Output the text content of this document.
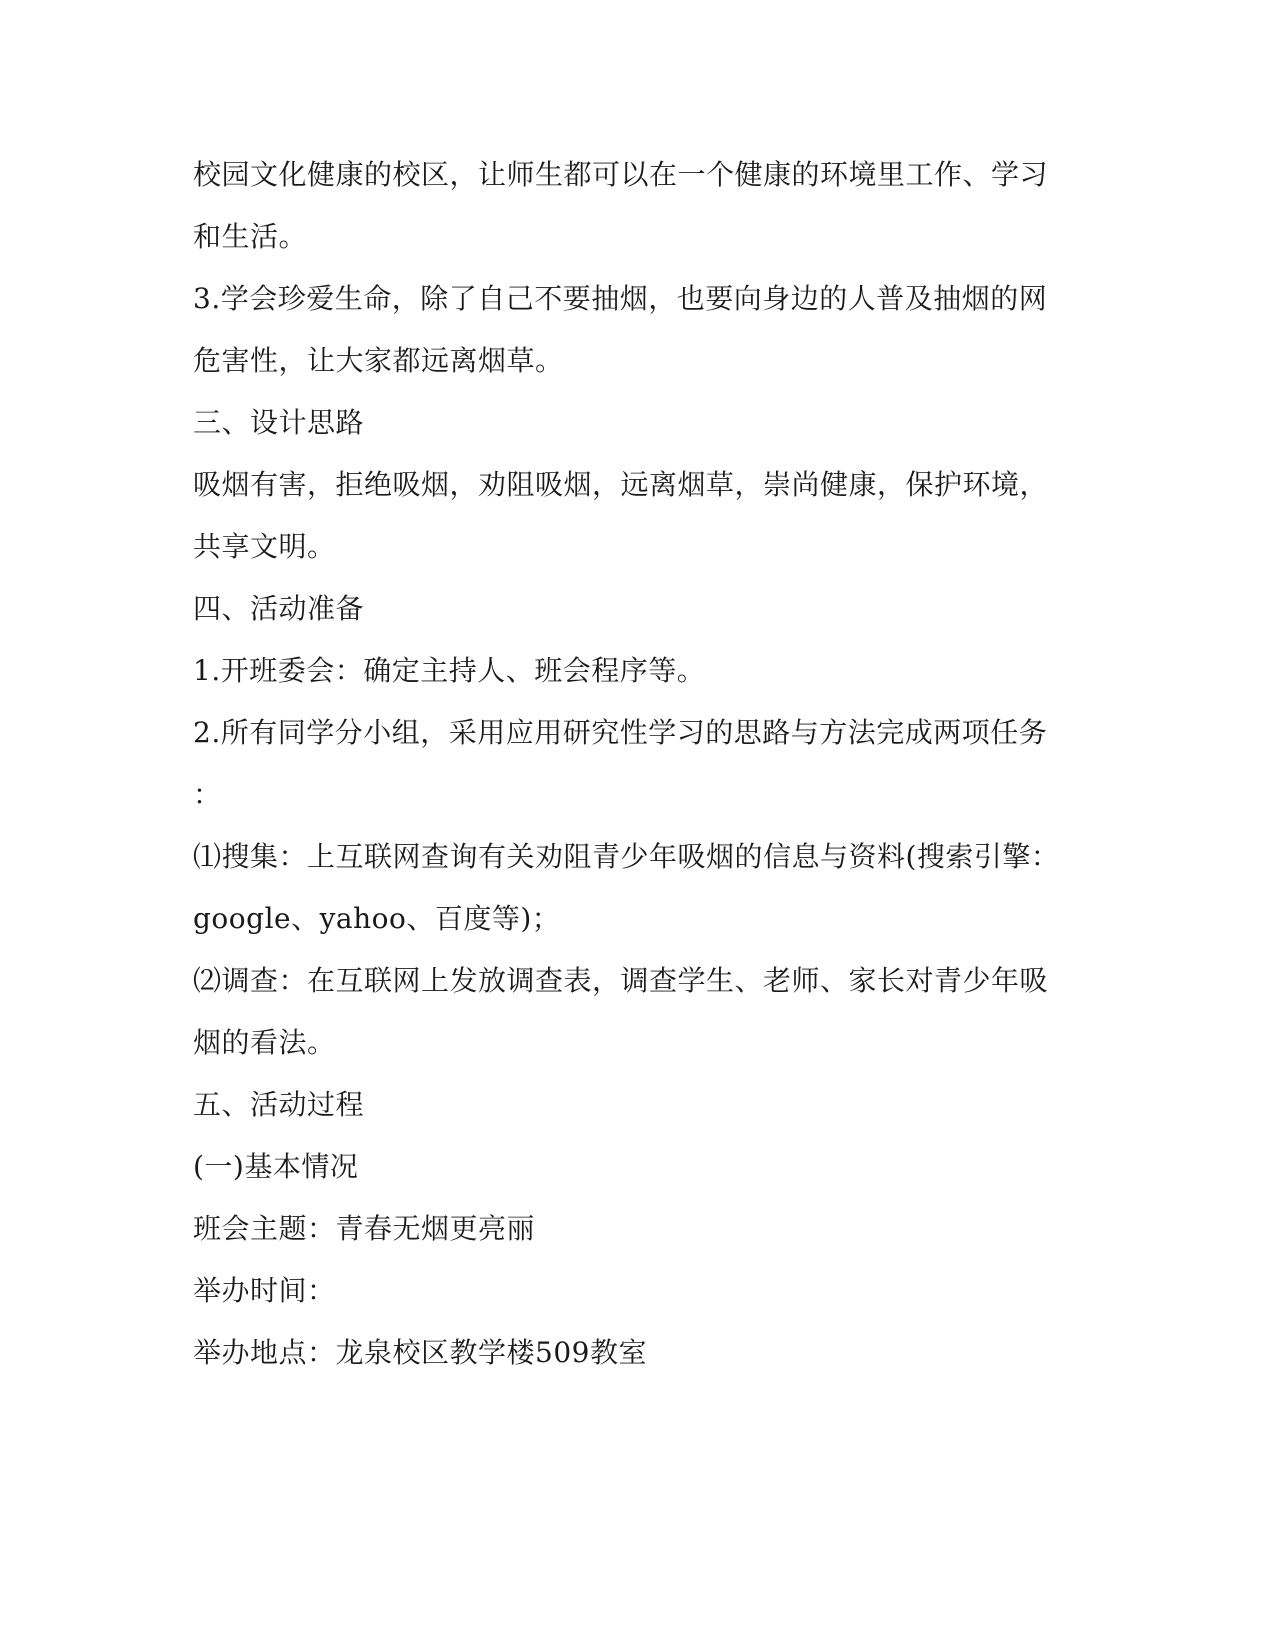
校园文化健康的校区，让师生都可以在一个健康的环境里工作、学习
和生活。
3.学会珍爱生命，除了自己不要抽烟，也要向身边的人普及抽烟的网
危害性，让大家都远离烟草。
三、设计思路
吸烟有害，拒绝吸烟，劝阻吸烟，远离烟草，崇尚健康，保护环境，
共享文明。
四、活动准备
1.开班委会：确定主持人、班会程序等。
2.所有同学分小组，采用应用研究性学习的思路与方法完成两项任务
：
⑴搜集：上互联网查询有关劝阻青少年吸烟的信息与资料(搜索引擎：
google、yahoo、百度等)；
⑵调查：在互联网上发放调查表，调查学生、老师、家长对青少年吸
烟的看法。
五、活动过程
(一)基本情况
班会主题：青春无烟更亮丽
举办时间：
举办地点：龙泉校区教学楼509教室
